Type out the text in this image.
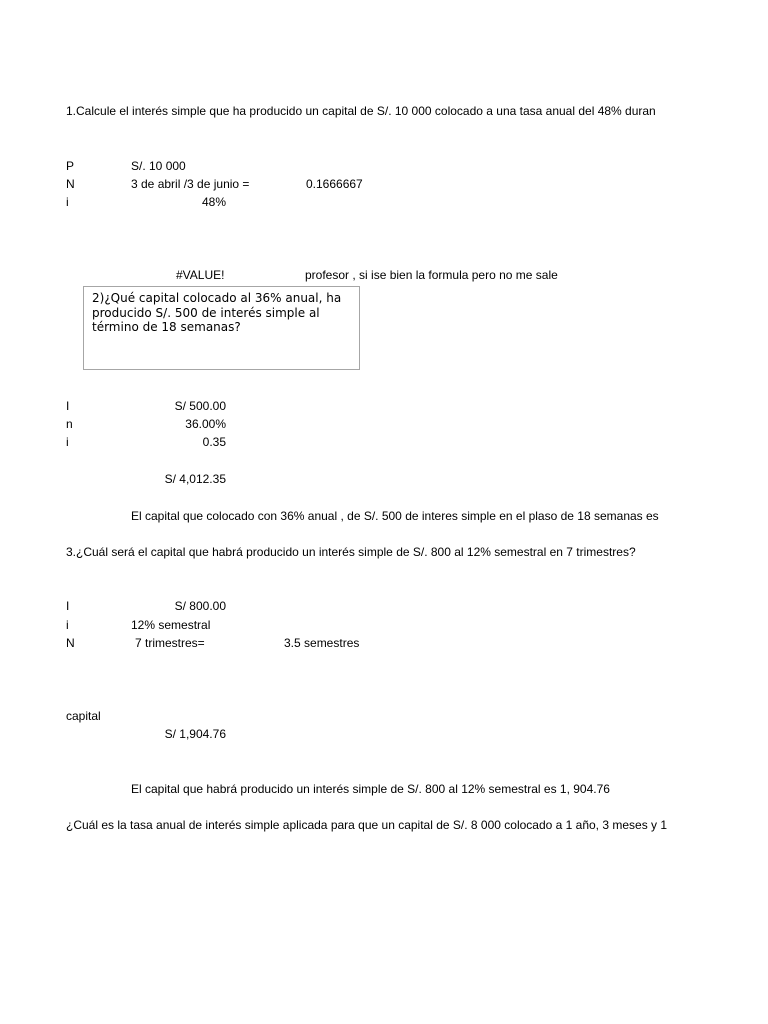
1.Calcule el interés simple que ha producido un capital de S/. 10 000 colocado a una tasa anual del 48% duran
P	S/. 10 000
N	3 de abril /3 de junio =	0.1666667
i	48%
#VALUE!	profesor , si ise bien la formula pero no me sale
2)¿Qué capital colocado al 36% anual, ha producido S/. 500 de interés simple al término de 18 semanas?
I	S/ 500.00
n	36.00%
i	0.35
S/ 4,012.35
El capital que colocado con 36% anual , de S/. 500 de interes simple en el plaso de 18 semanas es
3.¿Cuál será el capital que habrá producido un interés simple de S/. 800 al 12% semestral en 7 trimestres?
I	S/ 800.00
i	12% semestral
N	7 trimestres=	3.5 semestres
capital
S/ 1,904.76
El capital que habrá producido un interés simple de S/. 800 al 12% semestral es 1, 904.76
¿Cuál es la tasa anual de interés simple aplicada para que un capital de S/. 8 000 colocado a 1 año, 3 meses y 1
